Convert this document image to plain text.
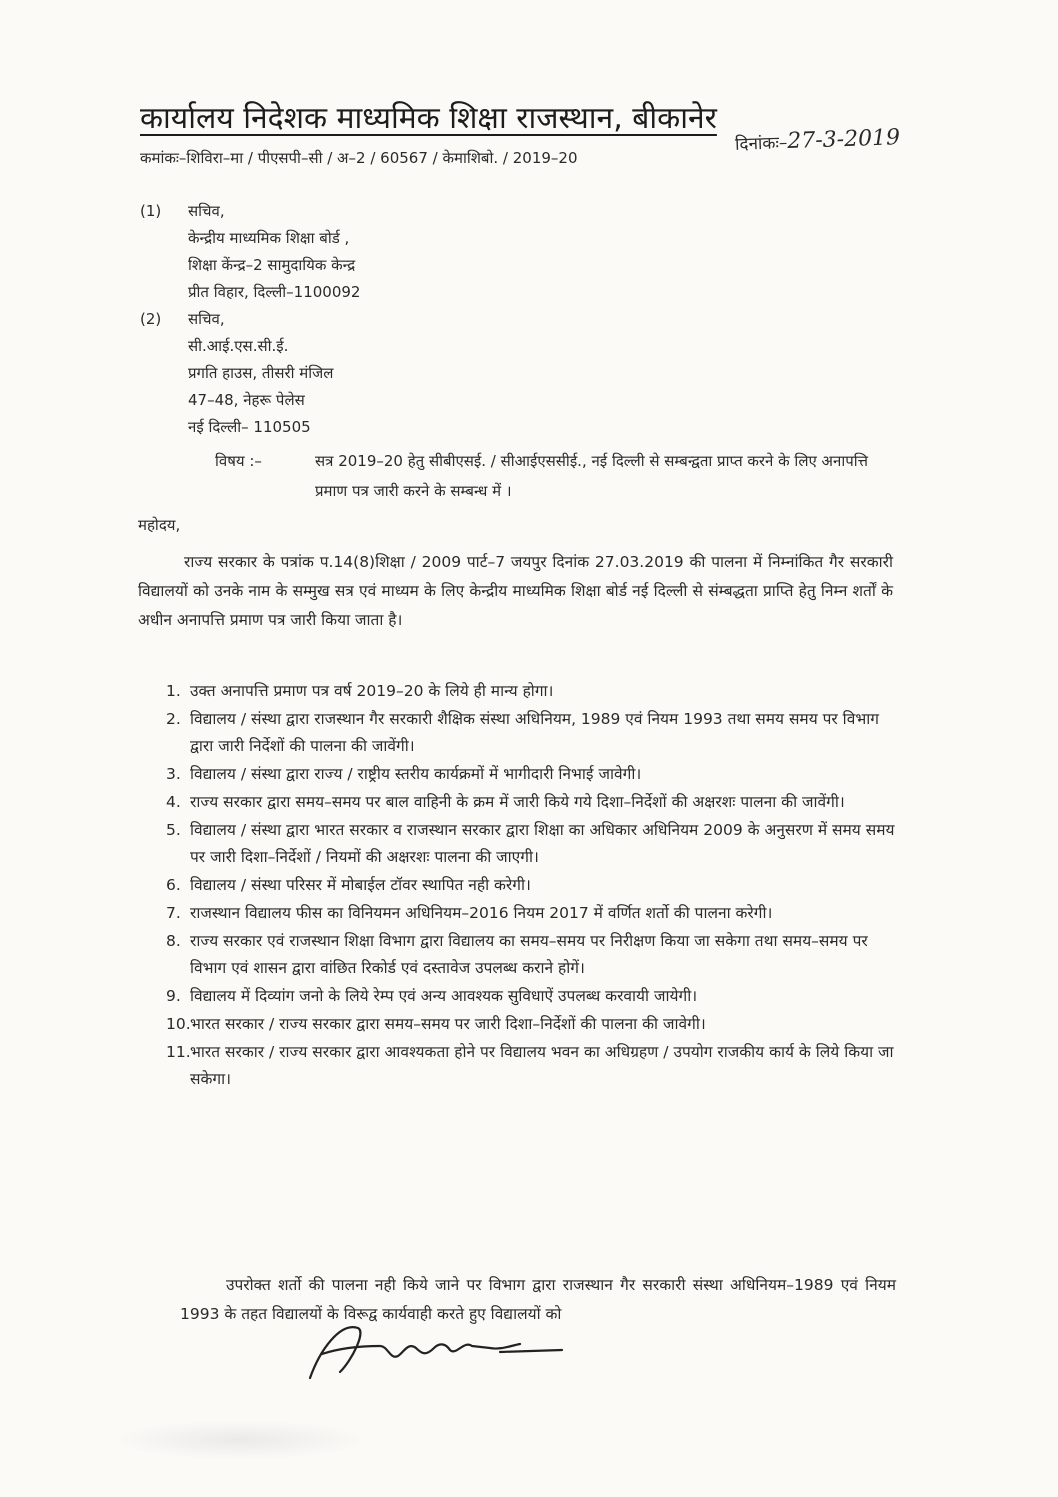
कार्यालय निदेशक माध्यमिक शिक्षा राजस्थान, बीकानेर
कमांकः–शिविरा–मा / पीएसपी–सी / अ–2 / 60567 / केमाशिबो. / 2019–20
दिनांकः–27-3-2019
(1) सचिव,
केन्द्रीय माध्यमिक शिक्षा बोर्ड ,
शिक्षा केंन्द्र–2 सामुदायिक केन्द्र
प्रीत विहार, दिल्ली–1100092
(2) सचिव,
सी.आई.एस.सी.ई.
प्रगति हाउस, तीसरी मंजिल
47–48, नेहरू पेलेस
नई दिल्ली– 110505
विषय :–	सत्र 2019–20 हेतु सीबीएसई. / सीआईएससीई., नई दिल्ली से सम्बन्द्वता प्राप्त करने के लिए अनापत्ति प्रमाण पत्र जारी करने के सम्बन्ध में ।
महोदय,
राज्य सरकार के पत्रांक प.14(8)शिक्षा / 2009 पार्ट–7 जयपुर दिनांक 27.03.2019 की पालना में निम्नांकित गैर सरकारी विद्यालयों को उनके नाम के सम्मुख सत्र एवं माध्यम के लिए केन्द्रीय माध्यमिक शिक्षा बोर्ड नई दिल्ली से संम्बद्धता प्राप्ति हेतु निम्न शर्तों के अधीन अनापत्ति प्रमाण पत्र जारी किया जाता है।
1. उक्त अनापत्ति प्रमाण पत्र वर्ष 2019–20 के लिये ही मान्य होगा।
2. विद्यालय / संस्था द्वारा राजस्थान गैर सरकारी शैक्षिक संस्था अधिनियम, 1989 एवं नियम 1993 तथा समय समय पर विभाग द्वारा जारी निर्देशों की पालना की जावेंगी।
3. विद्यालय / संस्था द्वारा राज्य / राष्ट्रीय स्तरीय कार्यक्रमों में भागीदारी निभाई जावेगी।
4. राज्य सरकार द्वारा समय–समय पर बाल वाहिनी के क्रम में जारी किये गये दिशा–निर्देशों की अक्षरशः पालना की जावेंगी।
5. विद्यालय / संस्था द्वारा भारत सरकार व राजस्थान सरकार द्वारा शिक्षा का अधिकार अधिनियम 2009 के अनुसरण में समय समय पर जारी दिशा–निर्देशों / नियमों की अक्षरशः पालना की जाएगी।
6. विद्यालय / संस्था परिसर में मोबाईल टॉवर स्थापित नही करेगी।
7. राजस्थान विद्यालय फीस का विनियमन अधिनियम–2016 नियम 2017 में वर्णित शर्तो की पालना करेगी।
8. राज्य सरकार एवं राजस्थान शिक्षा विभाग द्वारा विद्यालय का समय–समय पर निरीक्षण किया जा सकेगा तथा समय–समय पर विभाग एवं शासन द्वारा वांछित रिकोर्ड एवं दस्तावेज उपलब्ध कराने होगें।
9. विद्यालय में दिव्यांग जनो के लिये रेम्प एवं अन्य आवश्यक सुविधाऐं उपलब्ध करवायी जायेगी।
10. भारत सरकार / राज्य सरकार द्वारा समय–समय पर जारी दिशा–निर्देशों की पालना की जावेगी।
11. भारत सरकार / राज्य सरकार द्वारा आवश्यकता होने पर विद्यालय भवन का अधिग्रहण / उपयोग राजकीय कार्य के लिये किया जा सकेगा।
उपरोक्त शर्तो की पालना नही किये जाने पर विभाग द्वारा राजस्थान गैर सरकारी संस्था अधिनियम–1989 एवं नियम 1993 के तहत विद्यालयों के विरूद्व कार्यवाही करते हुए विद्यालयों को
